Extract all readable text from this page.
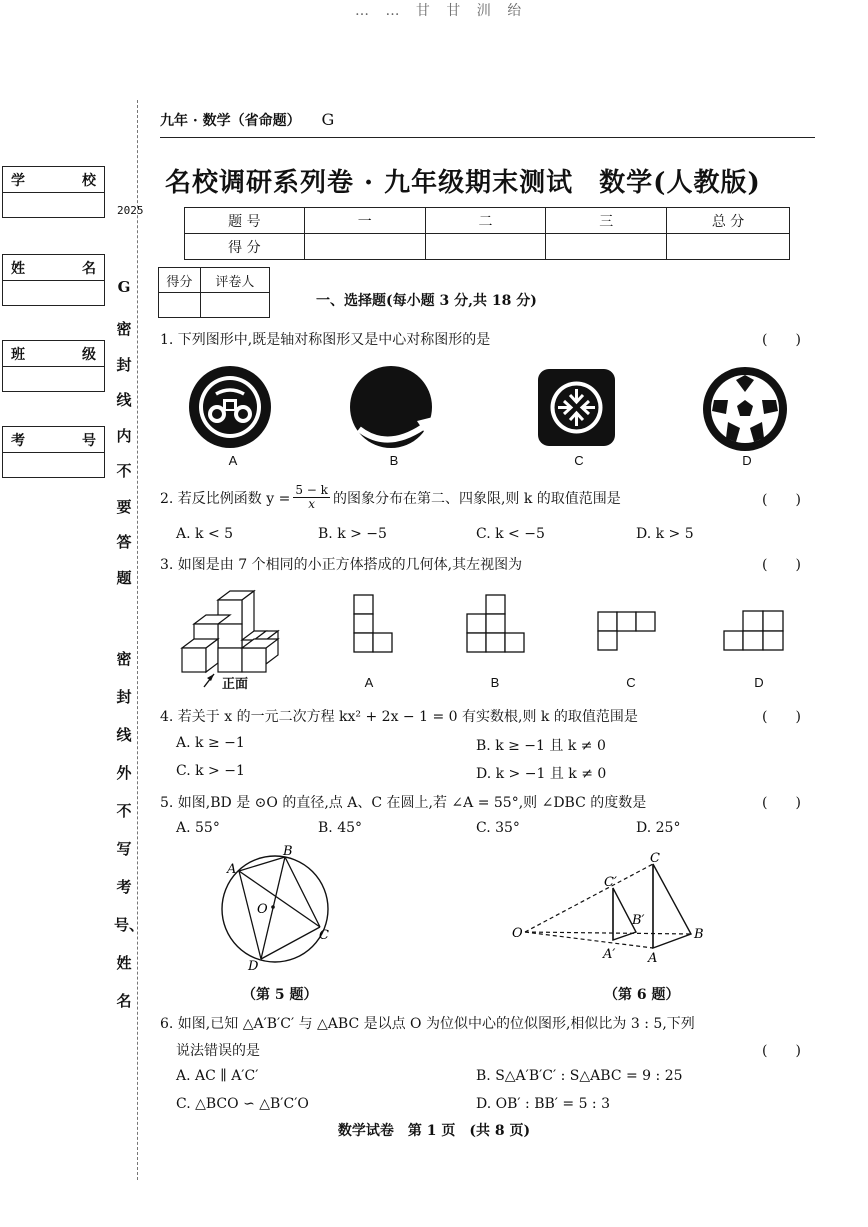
… … 甘 甘 汌 绐
九年 · 数学（省命题） G
名校调研系列卷 · 九年级期末测试 数学(人教版)
学	校
姓	名
班	级
考	号
2025
G
密封线内不要答题
密封线外不写考号、姓名
题 号	一	二	三	总 分
得 分				
得分	评卷人

一、选择题(每小题 3 分,共 18 分)
1. 下列图形中,既是轴对称图形又是中心对称图形的是	(　　)
A	B	C	D
2. 若反比例函数 $y = \frac{5 - k}{x}$ 的图象分布在第二、四象限,则 k 的取值范围是	(　　)
A. k < 5	B. k > −5	C. k < −5	D. k > 5
3. 如图是由 7 个相同的小正方体搭成的几何体,其左视图为	(　　)
正面	A	B	C	D
4. 若关于 x 的一元二次方程 kx² + 2x − 1 = 0 有实数根,则 k 的取值范围是	(　　)
A. k ≥ −1	B. k ≥ −1 且 k ≠ 0
C. k > −1	D. k > −1 且 k ≠ 0
5. 如图,BD 是 ⊙O 的直径,点 A、C 在圆上,若 ∠A = 55°,则 ∠DBC 的度数是	(　　)
A. 55°	B. 45°	C. 35°	D. 25°
A
B
O
C
D
（第 5 题）
C
C′
B′
O	B
A′	A
（第 6 题）
6. 如图,已知 △A′B′C′ 与 △ABC 是以点 O 为位似中心的位似图形,相似比为 3 : 5,下列
说法错误的是	(　　)
A. AC ∥ A′C′	B. S△A′B′C′ : S△ABC = 9 : 25
C. △BCO ∽ △B′C′O	D. OB′ : BB′ = 5 : 3
数学试卷　第 1 页　(共 8 页)
